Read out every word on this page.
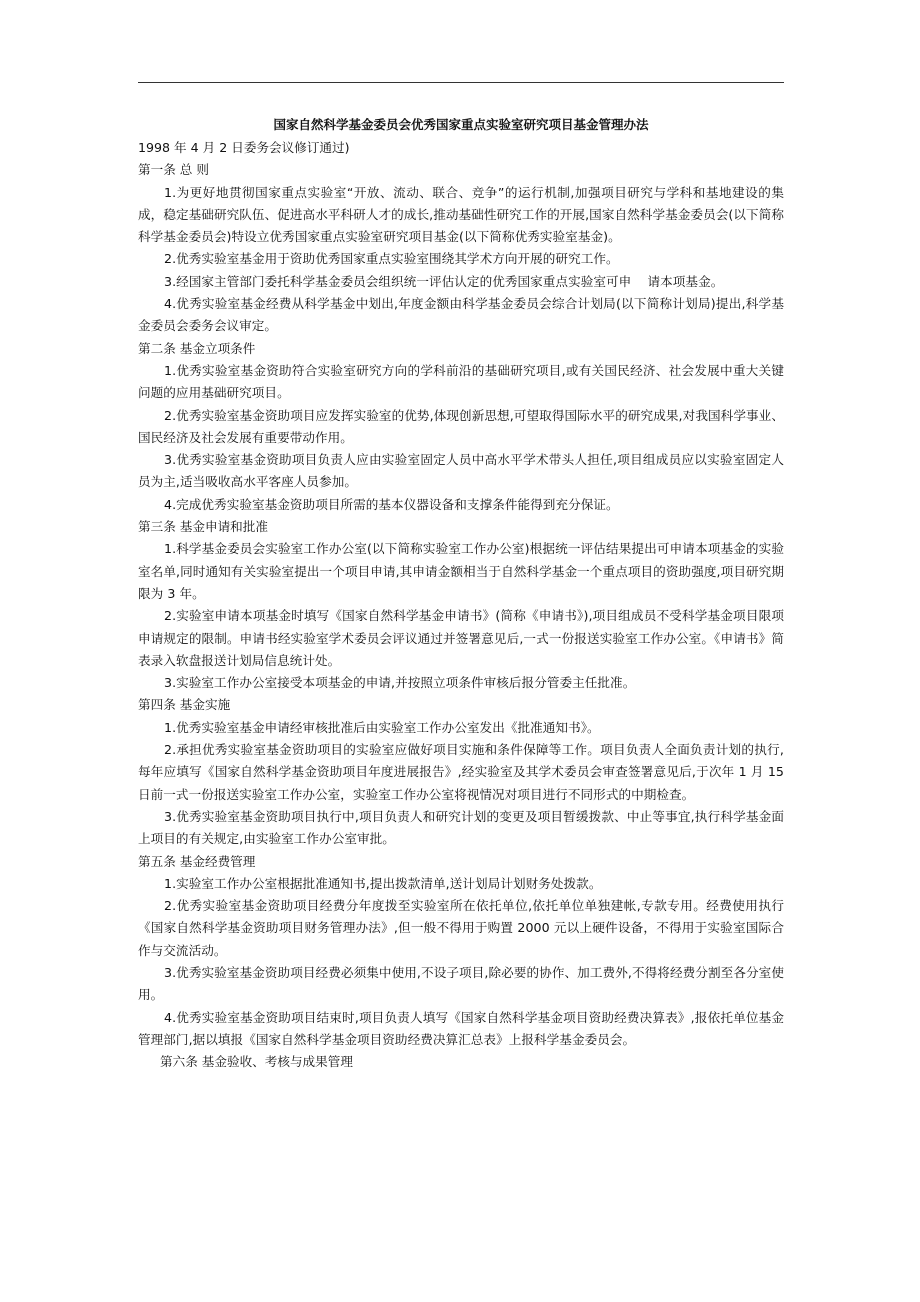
国家自然科学基金委员会优秀国家重点实验室研究项目基金管理办法

1998 年 4 月 2 日委务会议修订通过)

第一条 总 则

1.为更好地贯彻国家重点实验室“开放、流动、联合、竞争”的运行机制,加强项目研究与学科和基地建设的集成，稳定基础研究队伍、促进高水平科研人才的成长,推动基础性研究工作的开展,国家自然科学基金委员会(以下简称科学基金委员会)特设立优秀国家重点实验室研究项目基金(以下简称优秀实验室基金)。

2.优秀实验室基金用于资助优秀国家重点实验室围绕其学术方向开展的研究工作。

3.经国家主管部门委托科学基金委员会组织统一评估认定的优秀国家重点实验室可申    请本项基金。

4.优秀实验室基金经费从科学基金中划出,年度金额由科学基金委员会综合计划局(以下简称计划局)提出,科学基金委员会委务会议审定。

第二条 基金立项条件

1.优秀实验室基金资助符合实验室研究方向的学科前沿的基础研究项目,或有关国民经济、社会发展中重大关键问题的应用基础研究项目。

2.优秀实验室基金资助项目应发挥实验室的优势,体现创新思想,可望取得国际水平的研究成果,对我国科学事业、国民经济及社会发展有重要带动作用。

3.优秀实验室基金资助项目负责人应由实验室固定人员中高水平学术带头人担任,项目组成员应以实验室固定人员为主,适当吸收高水平客座人员参加。

4.完成优秀实验室基金资助项目所需的基本仪器设备和支撑条件能得到充分保证。

第三条 基金申请和批准

1.科学基金委员会实验室工作办公室(以下简称实验室工作办公室)根据统一评估结果提出可申请本项基金的实验室名单,同时通知有关实验室提出一个项目申请,其申请金额相当于自然科学基金一个重点项目的资助强度,项目研究期限为 3 年。

2.实验室申请本项基金时填写《国家自然科学基金申请书》(简称《申请书》),项目组成员不受科学基金项目限项申请规定的限制。申请书经实验室学术委员会评议通过并签署意见后,一式一份报送实验室工作办公室。《申请书》简表录入软盘报送计划局信息统计处。

3.实验室工作办公室接受本项基金的申请,并按照立项条件审核后报分管委主任批准。

第四条 基金实施

1.优秀实验室基金申请经审核批准后由实验室工作办公室发出《批准通知书》。

2.承担优秀实验室基金资助项目的实验室应做好项目实施和条件保障等工作。项目负责人全面负责计划的执行,每年应填写《国家自然科学基金资助项目年度进展报告》,经实验室及其学术委员会审查签署意见后,于次年 1 月 15 日前一式一份报送实验室工作办公室，实验室工作办公室将视情况对项目进行不同形式的中期检查。

3.优秀实验室基金资助项目执行中,项目负责人和研究计划的变更及项目暂缓拨款、中止等事宜,执行科学基金面上项目的有关规定,由实验室工作办公室审批。

第五条 基金经费管理

1.实验室工作办公室根据批准通知书,提出拨款清单,送计划局计划财务处拨款。

2.优秀实验室基金资助项目经费分年度拨至实验室所在依托单位,依托单位单独建帐,专款专用。经费使用执行《国家自然科学基金资助项目财务管理办法》,但一般不得用于购置 2000 元以上硬件设备，不得用于实验室国际合作与交流活动。

3.优秀实验室基金资助项目经费必须集中使用,不设子项目,除必要的协作、加工费外,不得将经费分割至各分室使用。

4.优秀实验室基金资助项目结束时,项目负责人填写《国家自然科学基金项目资助经费决算表》,报依托单位基金管理部门,据以填报《国家自然科学基金项目资助经费决算汇总表》上报科学基金委员会。

第六条 基金验收、考核与成果管理
